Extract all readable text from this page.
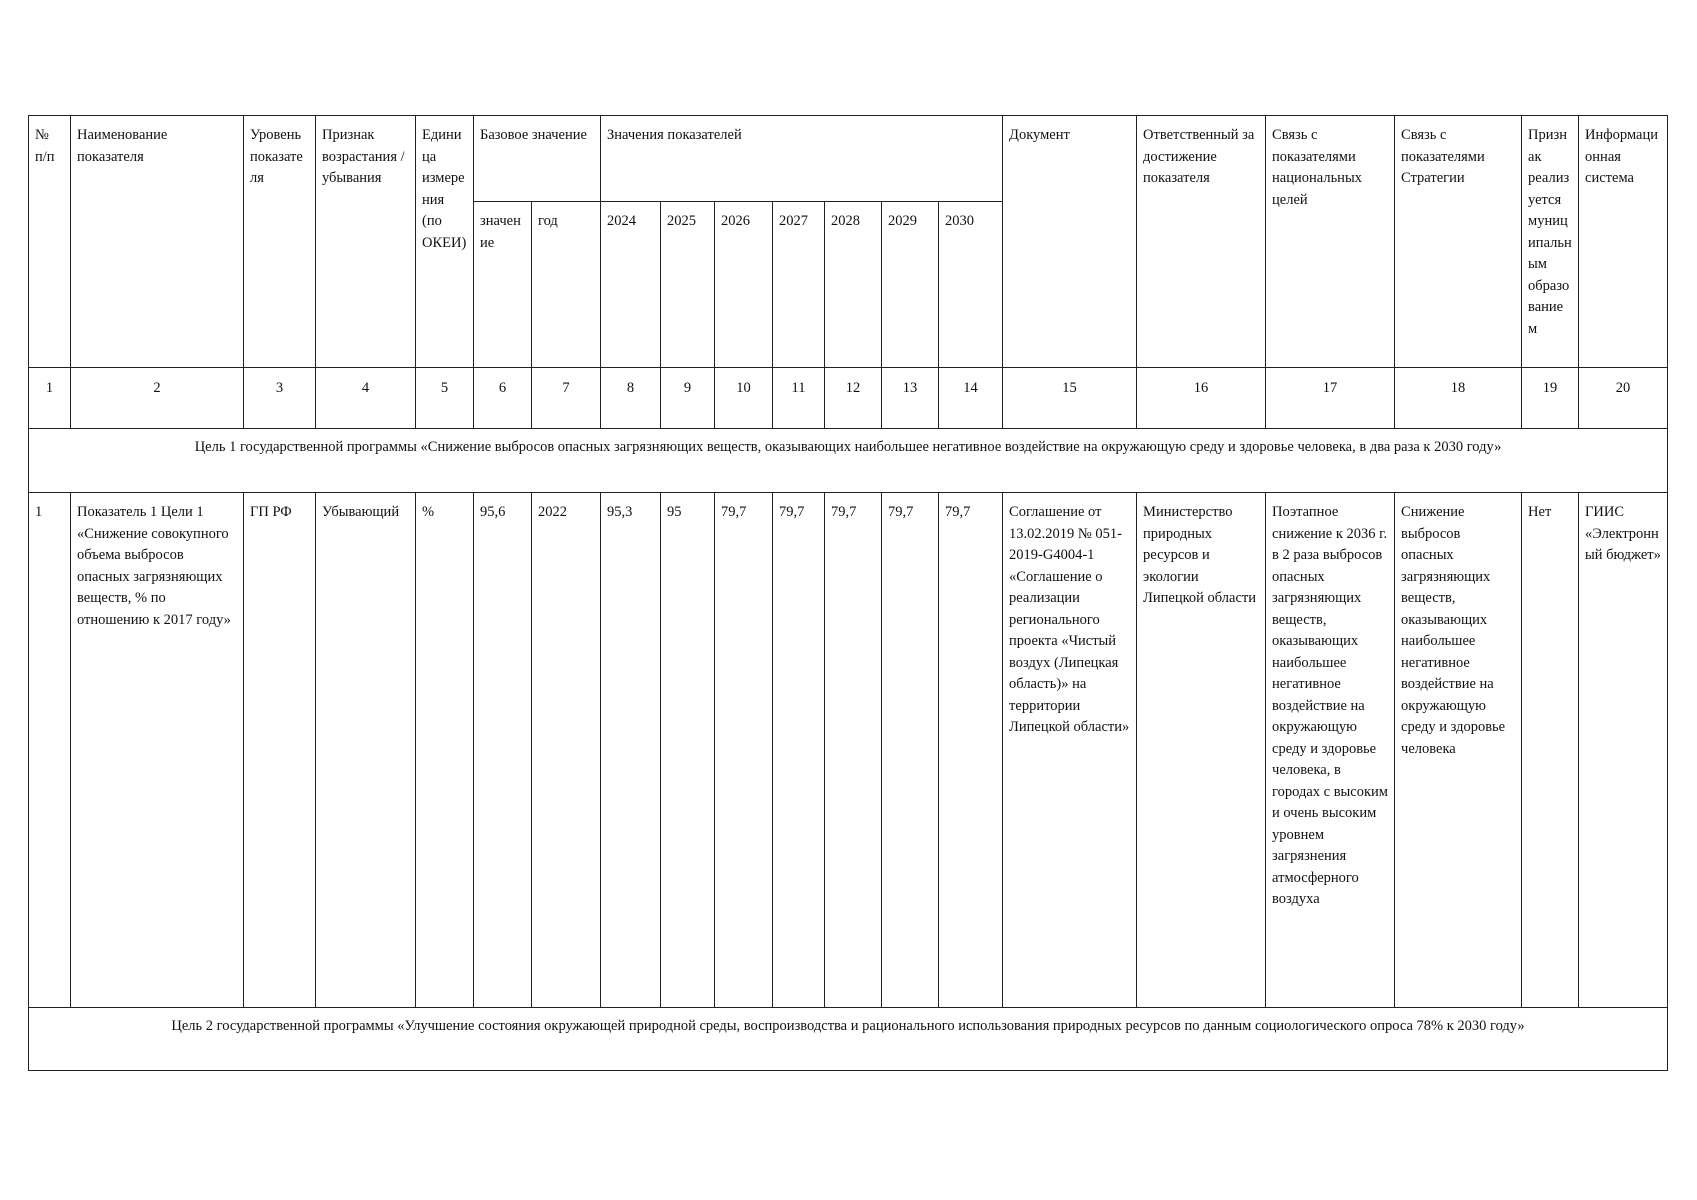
№ п/п	Наименование показателя	Уровень показателя	Признак возрастания /убывания	Единица измерения (по ОКЕИ)	Базовое значение		Значения показателей							Документ	Ответственный за достижение показателя	Связь с показателями национальных целей	Связь с показателями Стратегии	Признак реализуется муниципальным образованием	Информационная система
					значение	год	2024	2025	2026	2027	2028	2029	2030						
1	2	3	4	5	6	7	8	9	10	11	12	13	14	15	16	17	18	19	20
Цель 1 государственной программы «Снижение выбросов опасных загрязняющих веществ, оказывающих наибольшее негативное воздействие на окружающую среду и здоровье человека, в два раза к 2030 году»																			
1	Показатель 1 Цели 1 «Снижение совокупного объема выбросов опасных загрязняющих веществ, % по отношению к 2017 году»	ГП РФ	Убывающий	%	95,6	2022	95,3	95	79,7	79,7	79,7	79,7	79,7	Соглашение от 13.02.2019 № 051-2019-G4004-1 «Соглашение о реализации регионального проекта «Чистый воздух (Липецкая область)» на территории Липецкой области»	Министерство природных ресурсов и экологии Липецкой области	Поэтапное снижение к 2036 г. в 2 раза выбросов опасных загрязняющих веществ, оказывающих наибольшее негативное воздействие на окружающую среду и здоровье человека, в городах с высоким и очень высоким уровнем загрязнения атмосферного воздуха	Снижение выбросов опасных загрязняющих веществ, оказывающих наибольшее негативное воздействие на окружающую среду и здоровье человека	Нет	ГИИС «Электронный бюджет»
Цель 2 государственной программы «Улучшение состояния окружающей природной среды, воспроизводства и рационального использования природных ресурсов по данным социологического опроса 78% к 2030 году»																			
